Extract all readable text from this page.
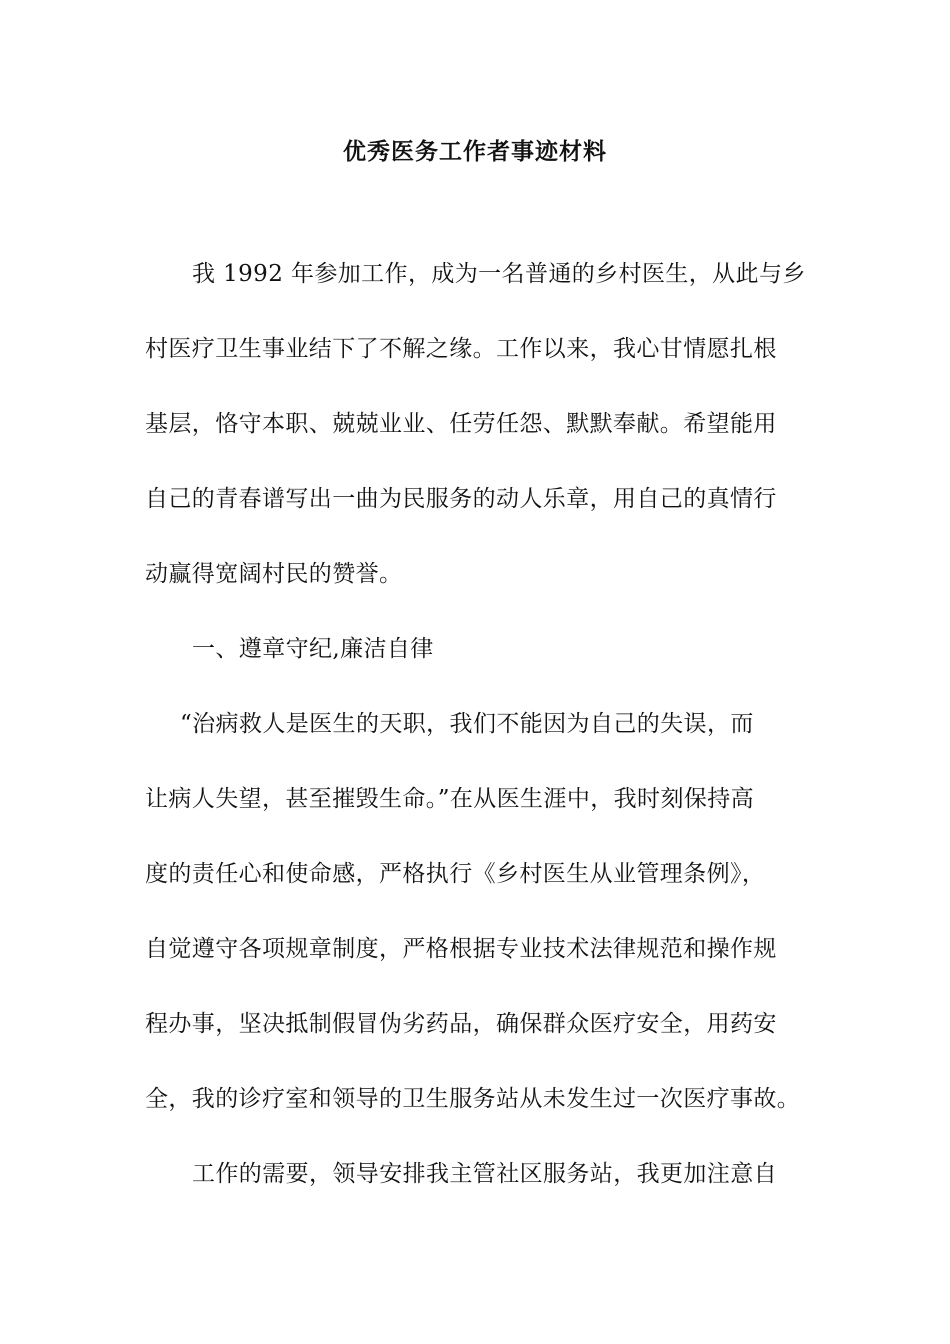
优秀医务工作者事迹材料
我 1992 年参加工作，成为一名普通的乡村医生，从此与乡
村医疗卫生事业结下了不解之缘。工作以来，我心甘情愿扎根
基层，恪守本职、兢兢业业、任劳任怨、默默奉献。希望能用
自己的青春谱写出一曲为民服务的动人乐章，用自己的真情行
动赢得宽阔村民的赞誉。
一、遵章守纪,廉洁自律
“治病救人是医生的天职，我们不能因为自己的失误，而
让病人失望，甚至摧毁生命。”在从医生涯中，我时刻保持高
度的责任心和使命感，严格执行《乡村医生从业管理条例》，
自觉遵守各项规章制度，严格根据专业技术法律规范和操作规
程办事，坚决抵制假冒伪劣药品，确保群众医疗安全，用药安
全，我的诊疗室和领导的卫生服务站从未发生过一次医疗事故。
工作的需要，领导安排我主管社区服务站，我更加注意自
